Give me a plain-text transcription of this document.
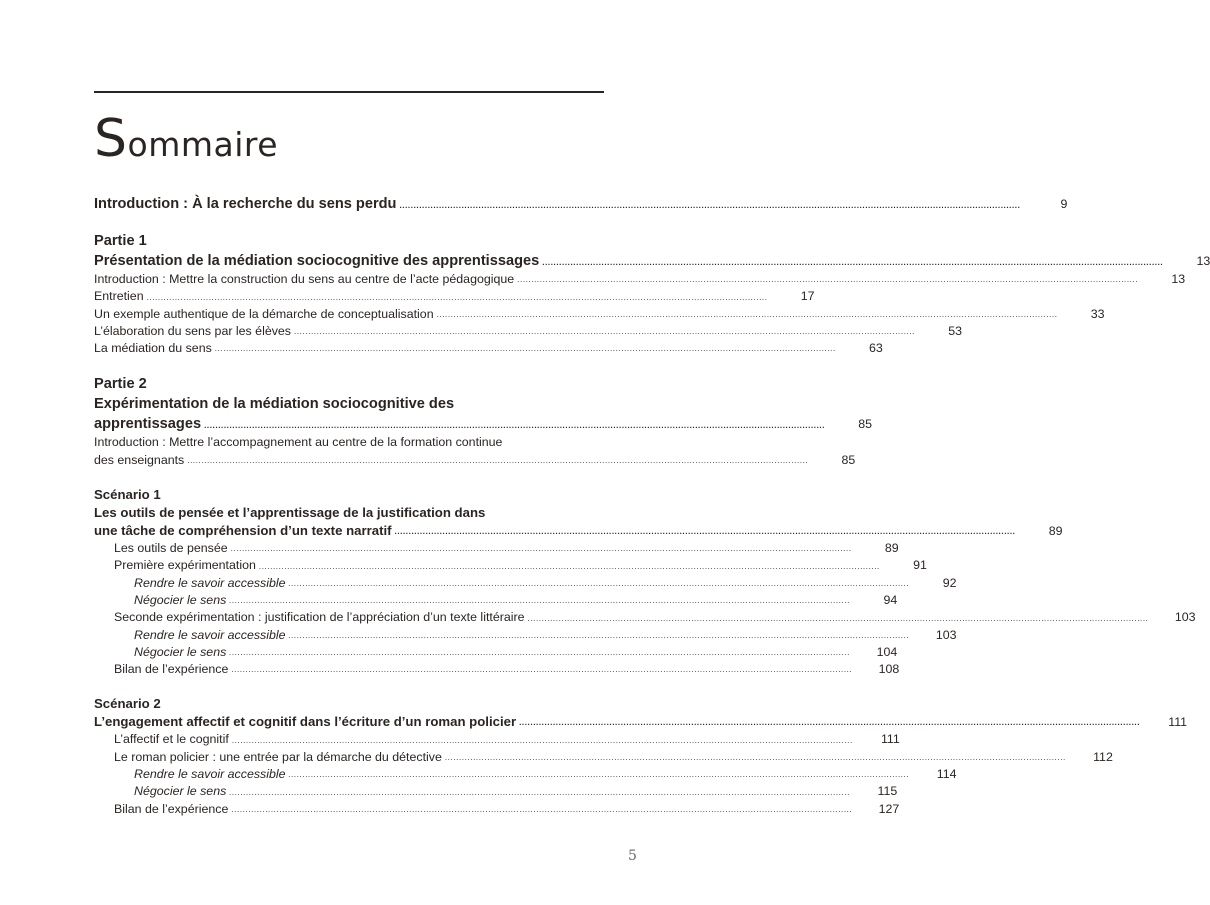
Sommaire
Introduction : À la recherche du sens perdu ............................................................................................................................................................................................................................	9
Partie 1
Présentation de la médiation sociocognitive des apprentissages ............................................................................................................................................................................................................................	13
Introduction : Mettre la construction du sens au centre de l’acte pédagogique ............................................................................................................................................................................................................................	13
Entretien ............................................................................................................................................................................................................................	17
Un exemple authentique de la démarche de conceptualisation ............................................................................................................................................................................................................................	33
L’élaboration du sens par les élèves ............................................................................................................................................................................................................................	53
La médiation du sens ............................................................................................................................................................................................................................	63
Partie 2
Expérimentation de la médiation sociocognitive des
apprentissages ............................................................................................................................................................................................................................	85
Introduction : Mettre l’accompagnement au centre de la formation continue
des enseignants ............................................................................................................................................................................................................................	85
Scénario 1
Les outils de pensée et l’apprentissage de la justification dans
une tâche de compréhension d’un texte narratif ............................................................................................................................................................................................................................	89
Les outils de pensée ............................................................................................................................................................................................................................	89
Première expérimentation ............................................................................................................................................................................................................................	91
Rendre le savoir accessible ............................................................................................................................................................................................................................	92
Négocier le sens ............................................................................................................................................................................................................................	94
Seconde expérimentation : justification de l’appréciation d’un texte littéraire ............................................................................................................................................................................................................................	103
Rendre le savoir accessible ............................................................................................................................................................................................................................	103
Négocier le sens ............................................................................................................................................................................................................................	104
Bilan de l’expérience ............................................................................................................................................................................................................................	108
Scénario 2
L’engagement affectif et cognitif dans l’écriture d’un roman policier ............................................................................................................................................................................................................................	111
L’affectif et le cognitif ............................................................................................................................................................................................................................	111
Le roman policier : une entrée par la démarche du détective ............................................................................................................................................................................................................................	112
Rendre le savoir accessible ............................................................................................................................................................................................................................	114
Négocier le sens ............................................................................................................................................................................................................................	115
Bilan de l’expérience ............................................................................................................................................................................................................................	127
5
